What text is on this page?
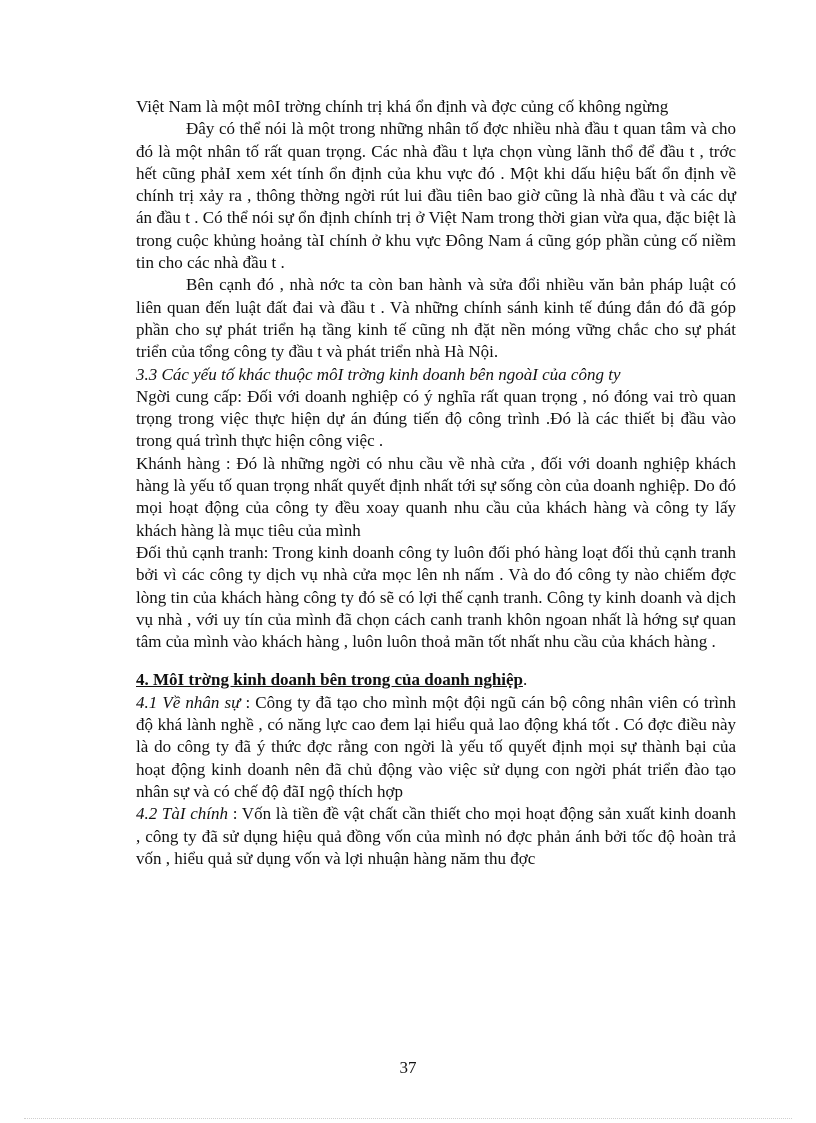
Việt Nam là một môI trờng chính trị khá ổn định và đợc củng cố không ngừng

Đây có thể nói là một trong những nhân tố đợc nhiều nhà đầu t quan tâm và cho đó là một nhân tố rất quan trọng. Các nhà đầu t lựa chọn vùng lãnh thổ để đầu t , trớc hết cũng phảI xem xét tính ổn định của khu vực đó . Một khi dấu hiệu bất ổn định về chính trị xảy ra , thông thờng ngời rút lui đầu tiên bao giờ cũng là nhà đầu t và các dự án đầu t . Có thể nói sự ổn định chính trị ở Việt Nam trong thời gian vừa qua, đặc biệt là trong cuộc khủng hoảng tàI chính ở khu vực Đông Nam á cũng góp phần củng cố niềm tin cho các nhà đầu t .

Bên cạnh đó , nhà nớc ta còn ban hành và sửa đổi nhiều văn bản pháp luật có liên quan đến luật đất đai và đầu t . Và những chính sánh kinh tế đúng đắn đó đã góp phần cho sự phát triển hạ tầng kinh tế cũng nh đặt nền móng vững chắc cho sự phát triển của tổng công ty đầu t và phát triển nhà Hà Nội.

3.3 Các yếu tố khác thuộc môI trờng kinh doanh bên ngoàI của công ty

Ngời cung cấp: Đối với doanh nghiệp có ý nghĩa rất quan trọng , nó đóng vai trò quan trọng trong việc thực hiện dự án đúng tiến độ công trình .Đó là các thiết bị đầu vào trong quá trình thực hiện công việc .

Khánh hàng : Đó là những ngời có nhu cầu về nhà cửa , đối với doanh nghiệp khách hàng là yếu tố quan trọng nhất quyết định nhất tới sự sống còn của doanh nghiệp. Do đó mọi hoạt động của công ty đều xoay quanh nhu cầu của khách hàng và công ty lấy khách hàng là mục tiêu của mình

Đối thủ cạnh tranh: Trong kinh doanh công ty luôn đối phó hàng loạt đối thủ cạnh tranh bởi vì các công ty dịch vụ nhà cửa mọc lên nh nấm . Và do đó công ty nào chiếm đợc lòng tin của khách hàng công ty đó sẽ có lợi thế cạnh tranh. Công ty kinh doanh và dịch vụ nhà , với uy tín của mình đã chọn cách canh tranh khôn ngoan nhất là hớng sự quan tâm của mình vào khách hàng , luôn luôn thoả mãn tốt nhất nhu cầu của khách hàng .

4. MôI trờng kinh doanh bên trong của doanh nghiệp.

4.1 Về nhân sự : Công ty đã tạo cho mình một đội ngũ cán bộ công nhân viên có trình độ khá lành nghề , có năng lực cao đem lại hiểu quả lao động khá tốt . Có đợc điều này là do công ty đã ý thức đợc rằng con ngời là yếu tố quyết định mọi sự thành bại của hoạt động kinh doanh nên đã chủ động vào việc sử dụng con ngời phát triển đào tạo nhân sự và có chế độ đãI ngộ thích hợp

4.2 TàI chính : Vốn là tiền đề vật chất cần thiết cho mọi hoạt động sản xuất kinh doanh , công ty đã sử dụng hiệu quả đồng vốn của mình nó đợc phản ánh bởi tốc độ hoàn trả vốn , hiểu quả sử dụng vốn và lợi nhuận hàng năm thu đợc

37
